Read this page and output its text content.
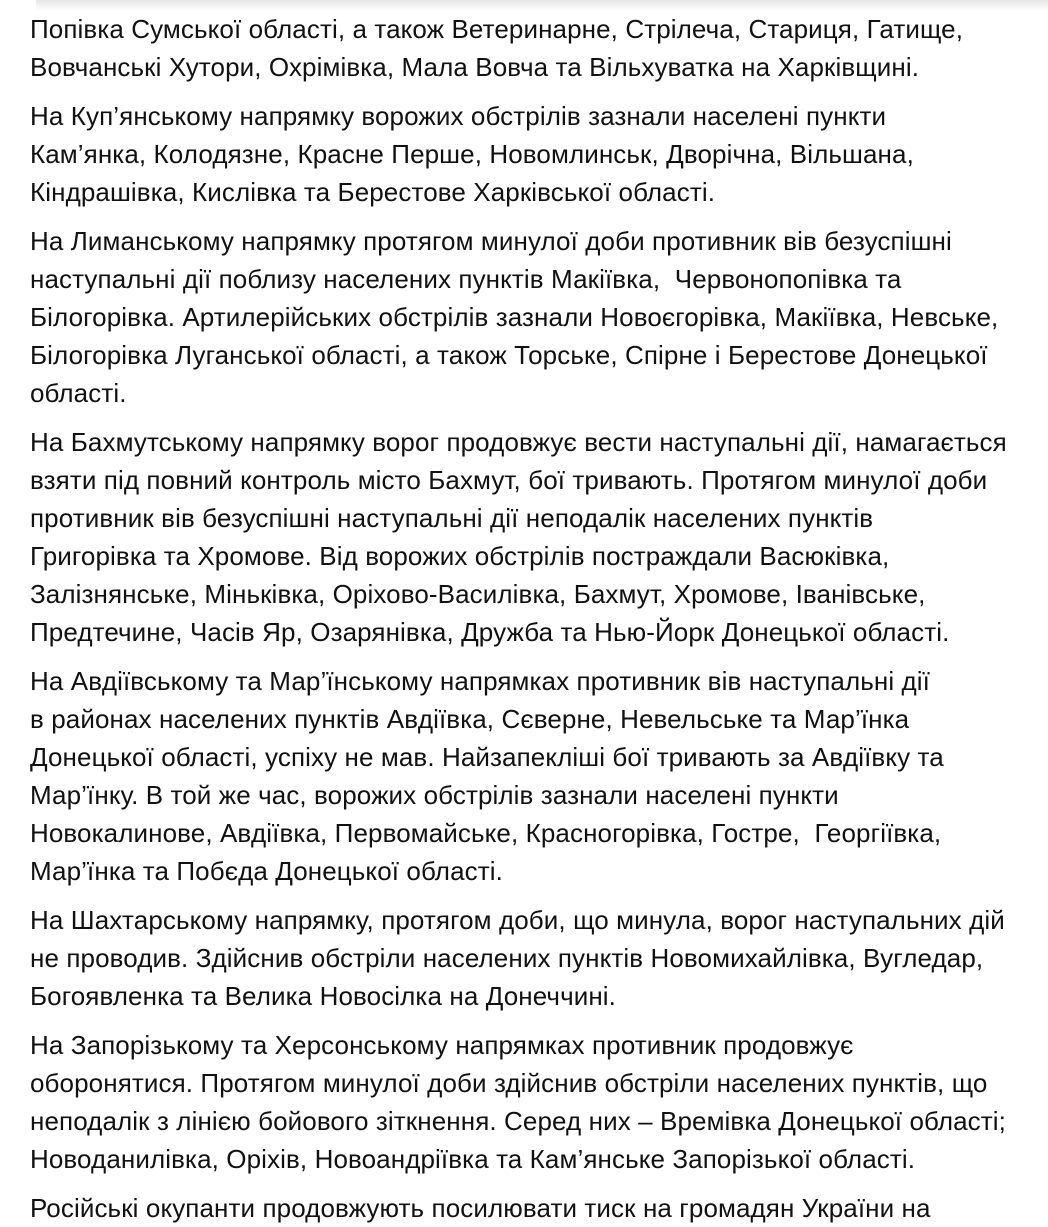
Попівка Сумської області, а також Ветеринарне, Стрілеча, Стариця, Гатище,
Вовчанські Хутори, Охрімівка, Мала Вовча та Вільхуватка на Харківщині.
На Куп’янському напрямку ворожих обстрілів зазнали населені пункти
Кам’янка, Колодязне, Красне Перше, Новомлинськ, Дворічна, Вільшана,
Кіндрашівка, Кислівка та Берестове Харківської області.
На Лиманському напрямку протягом минулої доби противник вів безуспішні
наступальні дії поблизу населених пунктів Макіївка,  Червонопопівка та
Білогорівка. Артилерійських обстрілів зазнали Новоєгорівка, Макіївка, Невське,
Білогорівка Луганської області, а також Торське, Спірне і Берестове Донецької
області.
На Бахмутському напрямку ворог продовжує вести наступальні дії, намагається
взяти під повний контроль місто Бахмут, бої тривають. Протягом минулої доби
противник вів безуспішні наступальні дії неподалік населених пунктів
Григорівка та Хромове. Від ворожих обстрілів постраждали Васюківка,
Залізнянське, Міньківка, Оріхово-Василівка, Бахмут, Хромове, Іванівське,
Предтечине, Часів Яр, Озарянівка, Дружба та Нью-Йорк Донецької області.
На Авдіївському та Мар’їнському напрямках противник вів наступальні дії
в районах населених пунктів Авдіївка, Сєверне, Невельське та Мар’їнка
Донецької області, успіху не мав. Найзапекліші бої тривають за Авдіївку та
Мар’їнку. В той же час, ворожих обстрілів зазнали населені пункти
Новокалинове, Авдіївка, Первомайське, Красногорівка, Гостре,  Георгіївка,
Мар’їнка та Побєда Донецької області.
На Шахтарському напрямку, протягом доби, що минула, ворог наступальних дій
не проводив. Здійснив обстріли населених пунктів Новомихайлівка, Вугледар,
Богоявленка та Велика Новосілка на Донеччині.
На Запорізькому та Херсонському напрямках противник продовжує
оборонятися. Протягом минулої доби здійснив обстріли населених пунктів, що
неподалік з лінією бойового зіткнення. Серед них – Времівка Донецької області;
Новоданилівка, Оріхів, Новоандріївка та Кам’янське Запорізької області.
Російські окупанти продовжують посилювати тиск на громадян України на
